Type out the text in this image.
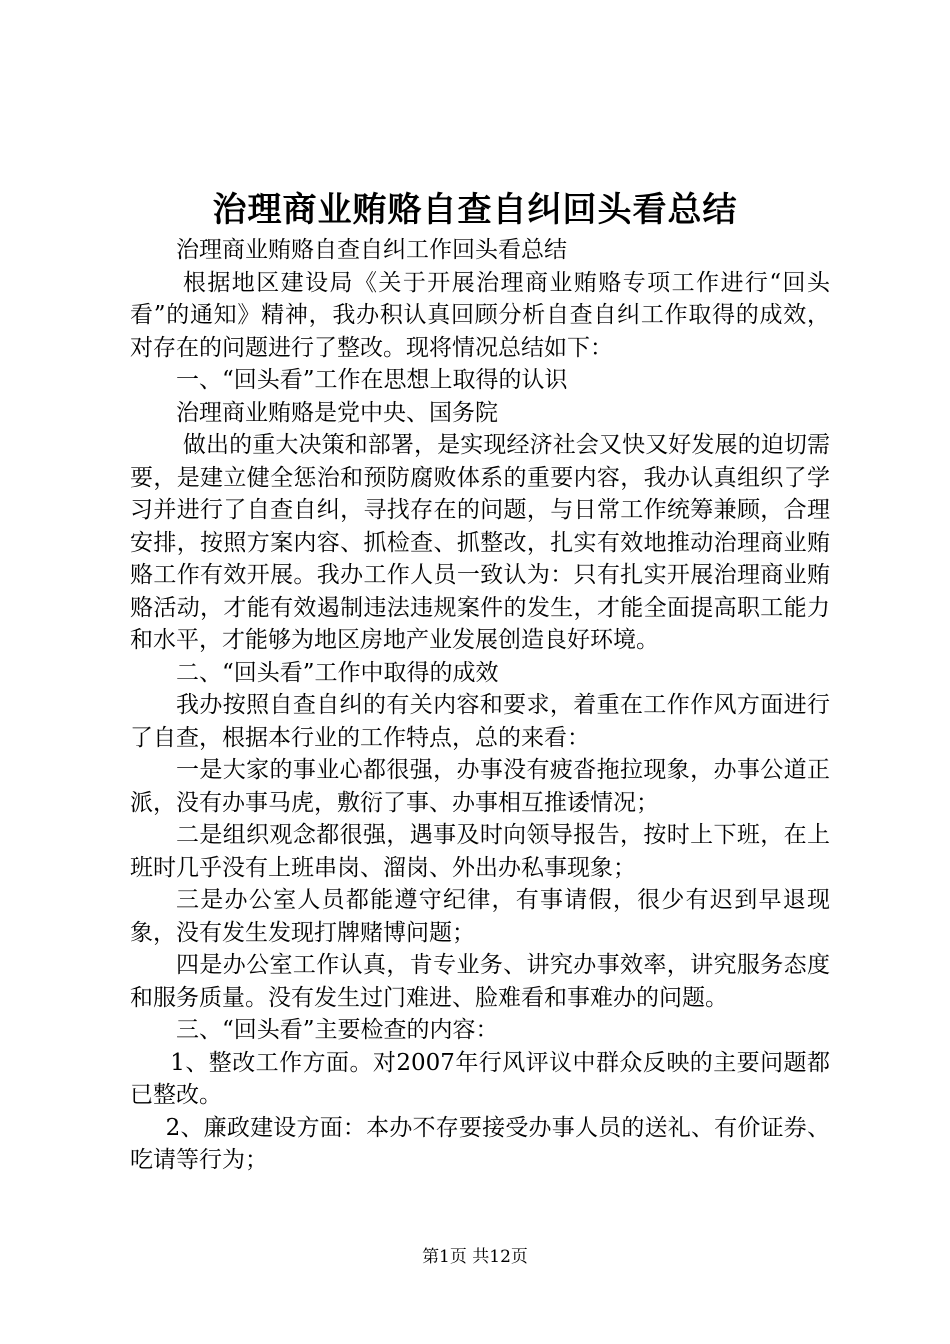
治理商业贿赂自查自纠回头看总结

治理商业贿赂自查自纠工作回头看总结

根据地区建设局《关于开展治理商业贿赂专项工作进行“回头看”的通知》精神，我办积认真回顾分析自查自纠工作取得的成效，对存在的问题进行了整改。现将情况总结如下：

一、“回头看”工作在思想上取得的认识

治理商业贿赂是党中央、国务院

做出的重大决策和部署，是实现经济社会又快又好发展的迫切需要，是建立健全惩治和预防腐败体系的重要内容，我办认真组织了学习并进行了自查自纠，寻找存在的问题，与日常工作统筹兼顾，合理安排，按照方案内容、抓检查、抓整改，扎实有效地推动治理商业贿赂工作有效开展。我办工作人员一致认为：只有扎实开展治理商业贿赂活动，才能有效遏制违法违规案件的发生，才能全面提高职工能力和水平，才能够为地区房地产业发展创造良好环境。

二、“回头看”工作中取得的成效

我办按照自查自纠的有关内容和要求，着重在工作作风方面进行了自查，根据本行业的工作特点，总的来看：

一是大家的事业心都很强，办事没有疲沓拖拉现象，办事公道正派，没有办事马虎，敷衍了事、办事相互推诿情况；

二是组织观念都很强，遇事及时向领导报告，按时上下班，在上班时几乎没有上班串岗、溜岗、外出办私事现象；

三是办公室人员都能遵守纪律，有事请假，很少有迟到早退现象，没有发生发现打牌赌博问题；

四是办公室工作认真，肯专业务、讲究办事效率，讲究服务态度和服务质量。没有发生过门难进、脸难看和事难办的问题。

三、“回头看”主要检查的内容：

1、整改工作方面。对2007年行风评议中群众反映的主要问题都已整改。

2、廉政建设方面：本办不存要接受办事人员的送礼、有价证券、吃请等行为；

第1页 共12页
